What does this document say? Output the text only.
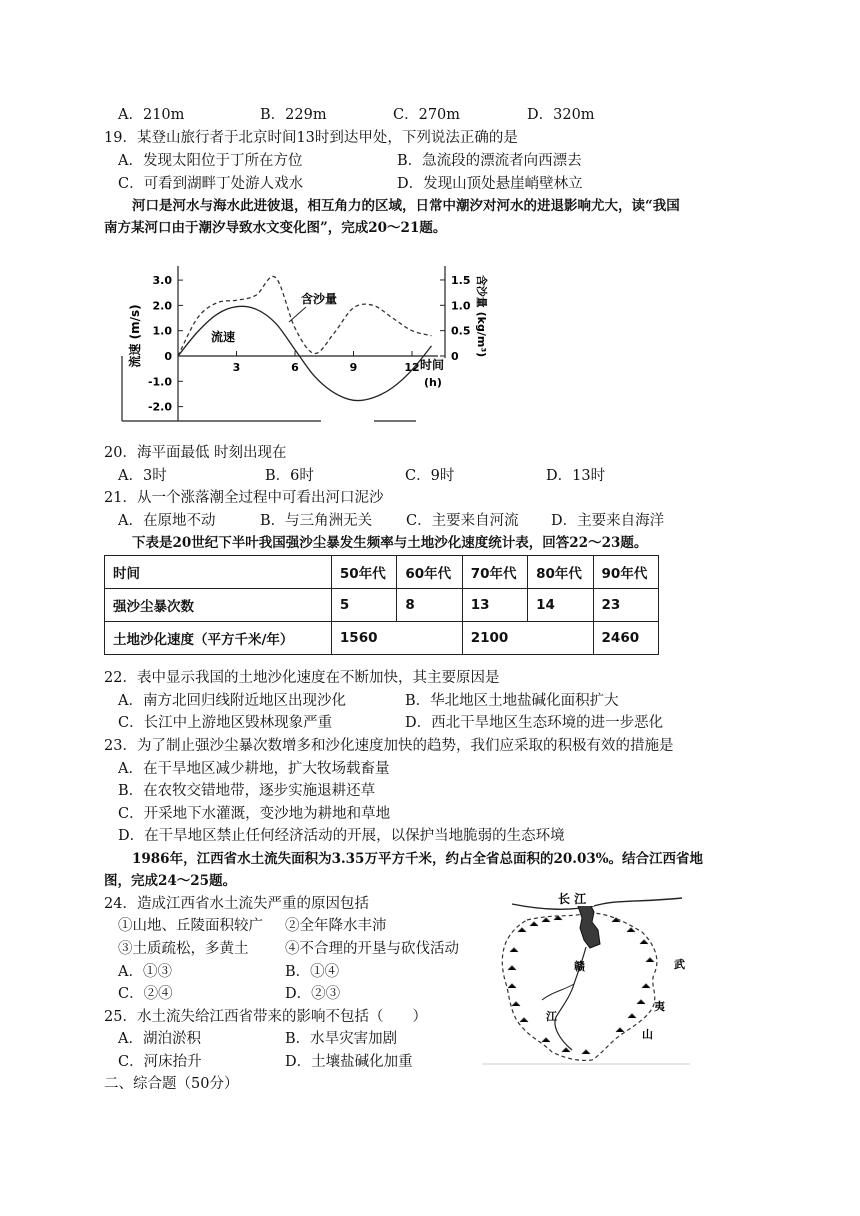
A．210m	B．229m	C．270m	D．320m
19．某登山旅行者于北京时间13时到达甲处，下列说法正确的是
A．发现太阳位于丁所在方位	B．急流段的漂流者向西漂去
C．可看到湖畔丁处游人戏水	D．发现山顶处悬崖峭壁林立
河口是河水与海水此进彼退，相互角力的区域，日常中潮汐对河水的进退影响尤大，读“我国
南方某河口由于潮汐导致水文变化图”，完成20～21题。
3.0
2.0
1.0
0
-1.0
-2.0
1.5
1.0
0.5
0
3	6	9	12
含沙量
流速
时间
(h)
流速 (m/s)	含沙量 (kg/m³)
20．海平面最低 时刻出现在
A．3时	B．6时	C．9时	D．13时
21．从一个涨落潮全过程中可看出河口泥沙
A．在原地不动	B．与三角洲无关 C．主要来自河流 D．主要来自海洋
下表是20世纪下半叶我国强沙尘暴发生频率与土地沙化速度统计表，回答22～23题。
时间	50年代	60年代	70年代	80年代	90年代
强沙尘暴次数	5	8	13	14	23
土地沙化速度（平方千米/年）	1560		2100		2460
22．表中显示我国的土地沙化速度在不断加快，其主要原因是
A．南方北回归线附近地区出现沙化	B．华北地区土地盐碱化面积扩大
C．长江中上游地区毁林现象严重	D．西北干旱地区生态环境的进一步恶化
23．为了制止强沙尘暴次数增多和沙化速度加快的趋势，我们应采取的积极有效的措施是
A．在干旱地区减少耕地，扩大牧场载畜量
B．在农牧交错地带，逐步实施退耕还草
C．开采地下水灌溉，变沙地为耕地和草地
D．在干旱地区禁止任何经济活动的开展，以保护当地脆弱的生态环境
1986年，江西省水土流失面积为3.35万平方千米，约占全省总面积的20.03%。结合江西省地
图，完成24～25题。
24．造成江西省水土流失严重的原因包括
①山地、丘陵面积较广 ②全年降水丰沛
③土质疏松，多黄土	④不合理的开垦与砍伐活动
A．①③	B．①④
C．②④	D．②③
25．水土流失给江西省带来的影响不包括（　　）
A．湖泊淤积	B．水旱灾害加剧
C．河床抬升	D．土壤盐碱化加重
长 江
赣
江
武
夷
山
二、综合题（50分）
